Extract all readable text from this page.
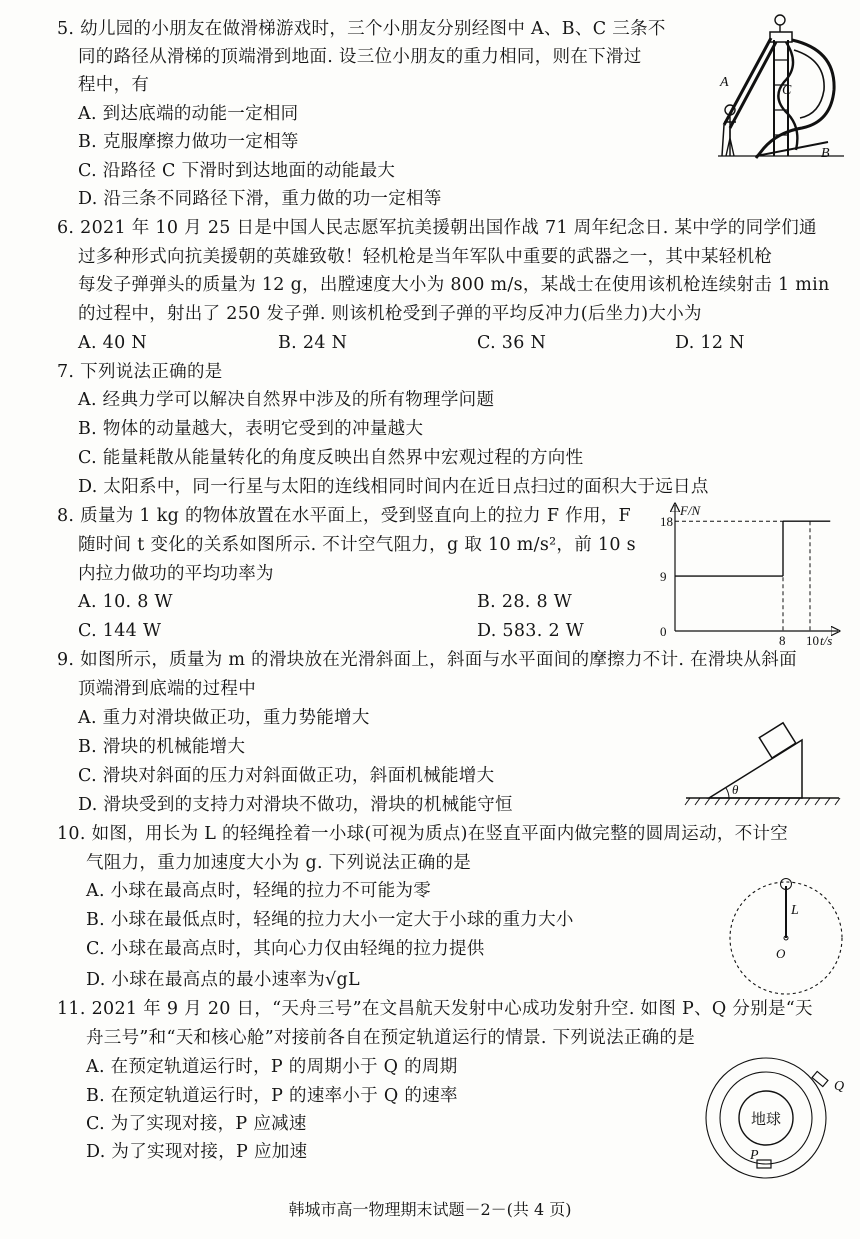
5. 幼儿园的小朋友在做滑梯游戏时，三个小朋友分别经图中 A、B、C 三条不
同的路径从滑梯的顶端滑到地面. 设三位小朋友的重力相同，则在下滑过
程中，有
A. 到达底端的动能一定相同
B. 克服摩擦力做功一定相等
C. 沿路径 C 下滑时到达地面的动能最大
D. 沿三条不同路径下滑，重力做的功一定相等
A
B
C
6. 2021 年 10 月 25 日是中国人民志愿军抗美援朝出国作战 71 周年纪念日. 某中学的同学们通
过多种形式向抗美援朝的英雄致敬！轻机枪是当年军队中重要的武器之一，其中某轻机枪
每发子弹弹头的质量为 12 g，出膛速度大小为 800 m/s，某战士在使用该机枪连续射击 1 min
的过程中，射出了 250 发子弹. 则该机枪受到子弹的平均反冲力(后坐力)大小为
A. 40 N	B. 24 N	C. 36 N	D. 12 N
7. 下列说法正确的是
A. 经典力学可以解决自然界中涉及的所有物理学问题
B. 物体的动量越大，表明它受到的冲量越大
C. 能量耗散从能量转化的角度反映出自然界中宏观过程的方向性
D. 太阳系中，同一行星与太阳的连线相同时间内在近日点扫过的面积大于远日点
8. 质量为 1 kg 的物体放置在水平面上，受到竖直向上的拉力 F 作用，F
随时间 t 变化的关系如图所示. 不计空气阻力，g 取 10 m/s²，前 10 s
内拉力做功的平均功率为
A. 10. 8 W	B. 28. 8 W
C. 144 W	D. 583. 2 W
F/N
t/s
0
9
18
8 10
9. 如图所示，质量为 m 的滑块放在光滑斜面上，斜面与水平面间的摩擦力不计. 在滑块从斜面
顶端滑到底端的过程中
A. 重力对滑块做正功，重力势能增大
B. 滑块的机械能增大
C. 滑块对斜面的压力对斜面做正功，斜面机械能增大
D. 滑块受到的支持力对滑块不做功，滑块的机械能守恒
θ
10. 如图，用长为 L 的轻绳拴着一小球(可视为质点)在竖直平面内做完整的圆周运动，不计空
气阻力，重力加速度大小为 g. 下列说法正确的是
A. 小球在最高点时，轻绳的拉力不可能为零
B. 小球在最低点时，轻绳的拉力大小一定大于小球的重力大小
C. 小球在最高点时，其向心力仅由轻绳的拉力提供
D. 小球在最高点的最小速率为√gL
L
O
11. 2021 年 9 月 20 日，“天舟三号”在文昌航天发射中心成功发射升空. 如图 P、Q 分别是“天
舟三号”和“天和核心舱”对接前各自在预定轨道运行的情景. 下列说法正确的是
A. 在预定轨道运行时，P 的周期小于 Q 的周期
B. 在预定轨道运行时，P 的速率小于 Q 的速率
C. 为了实现对接，P 应减速
D. 为了实现对接，P 应加速
地球
Q
P
韩城市高一物理期末试题－2－(共 4 页)
